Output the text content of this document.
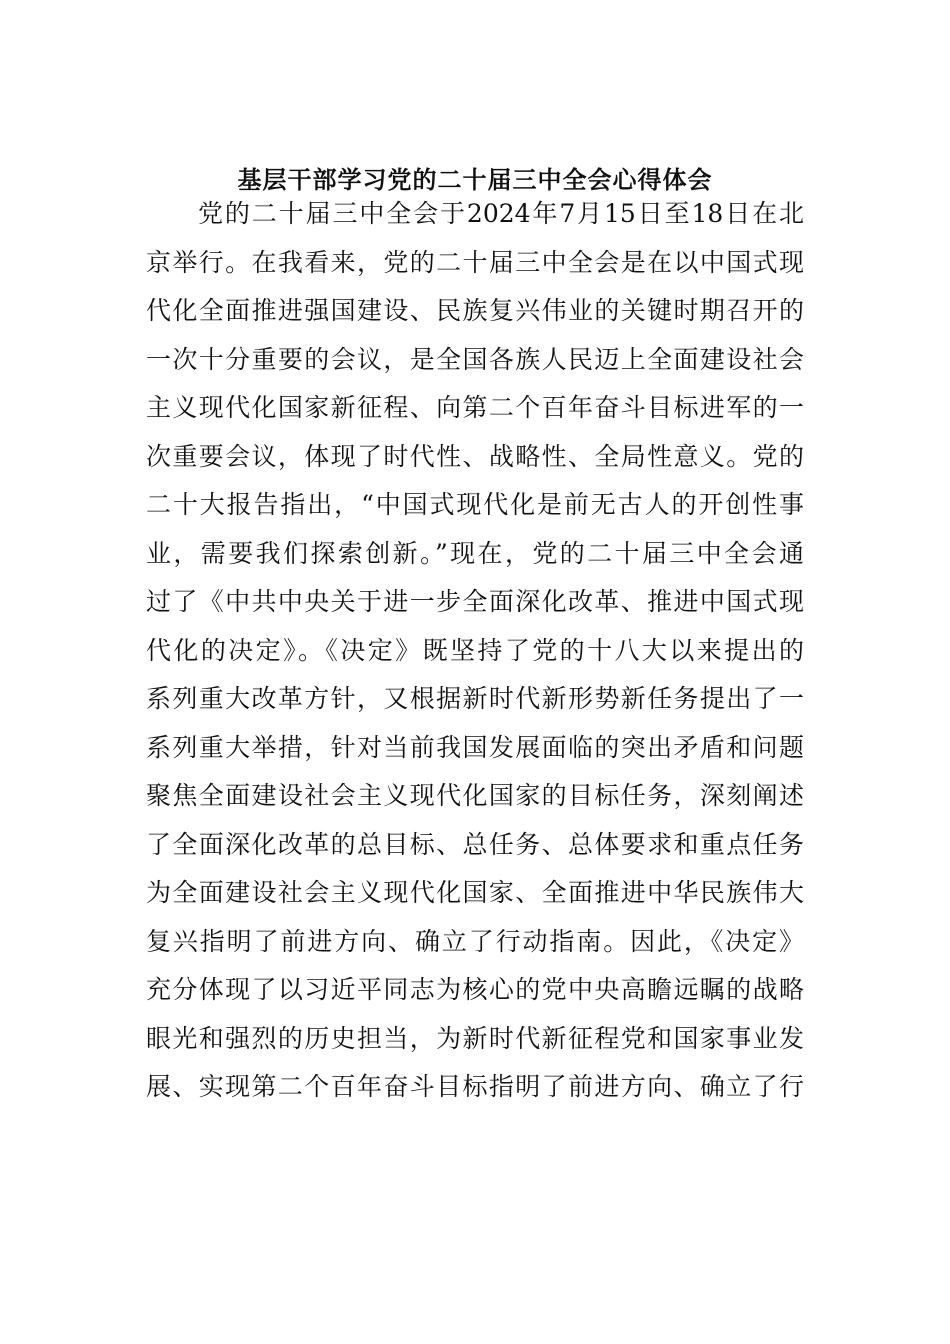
基层干部学习党的二十届三中全会心得体会
党的二十届三中全会于2024年7月15日至18日在北
京举行。在我看来，党的二十届三中全会是在以中国式现
代化全面推进强国建设、民族复兴伟业的关键时期召开的
一次十分重要的会议，是全国各族人民迈上全面建设社会
主义现代化国家新征程、向第二个百年奋斗目标进军的一
次重要会议，体现了时代性、战略性、全局性意义。党的
二十大报告指出，“中国式现代化是前无古人的开创性事
业，需要我们探索创新。”现在，党的二十届三中全会通
过了《中共中央关于进一步全面深化改革、推进中国式现
代化的决定》。《决定》既坚持了党的十八大以来提出的
系列重大改革方针，又根据新时代新形势新任务提出了一
系列重大举措，针对当前我国发展面临的突出矛盾和问题
聚焦全面建设社会主义现代化国家的目标任务，深刻阐述
了全面深化改革的总目标、总任务、总体要求和重点任务
为全面建设社会主义现代化国家、全面推进中华民族伟大
复兴指明了前进方向、确立了行动指南。因此，《决定》
充分体现了以习近平同志为核心的党中央高瞻远瞩的战略
眼光和强烈的历史担当，为新时代新征程党和国家事业发
展、实现第二个百年奋斗目标指明了前进方向、确立了行
